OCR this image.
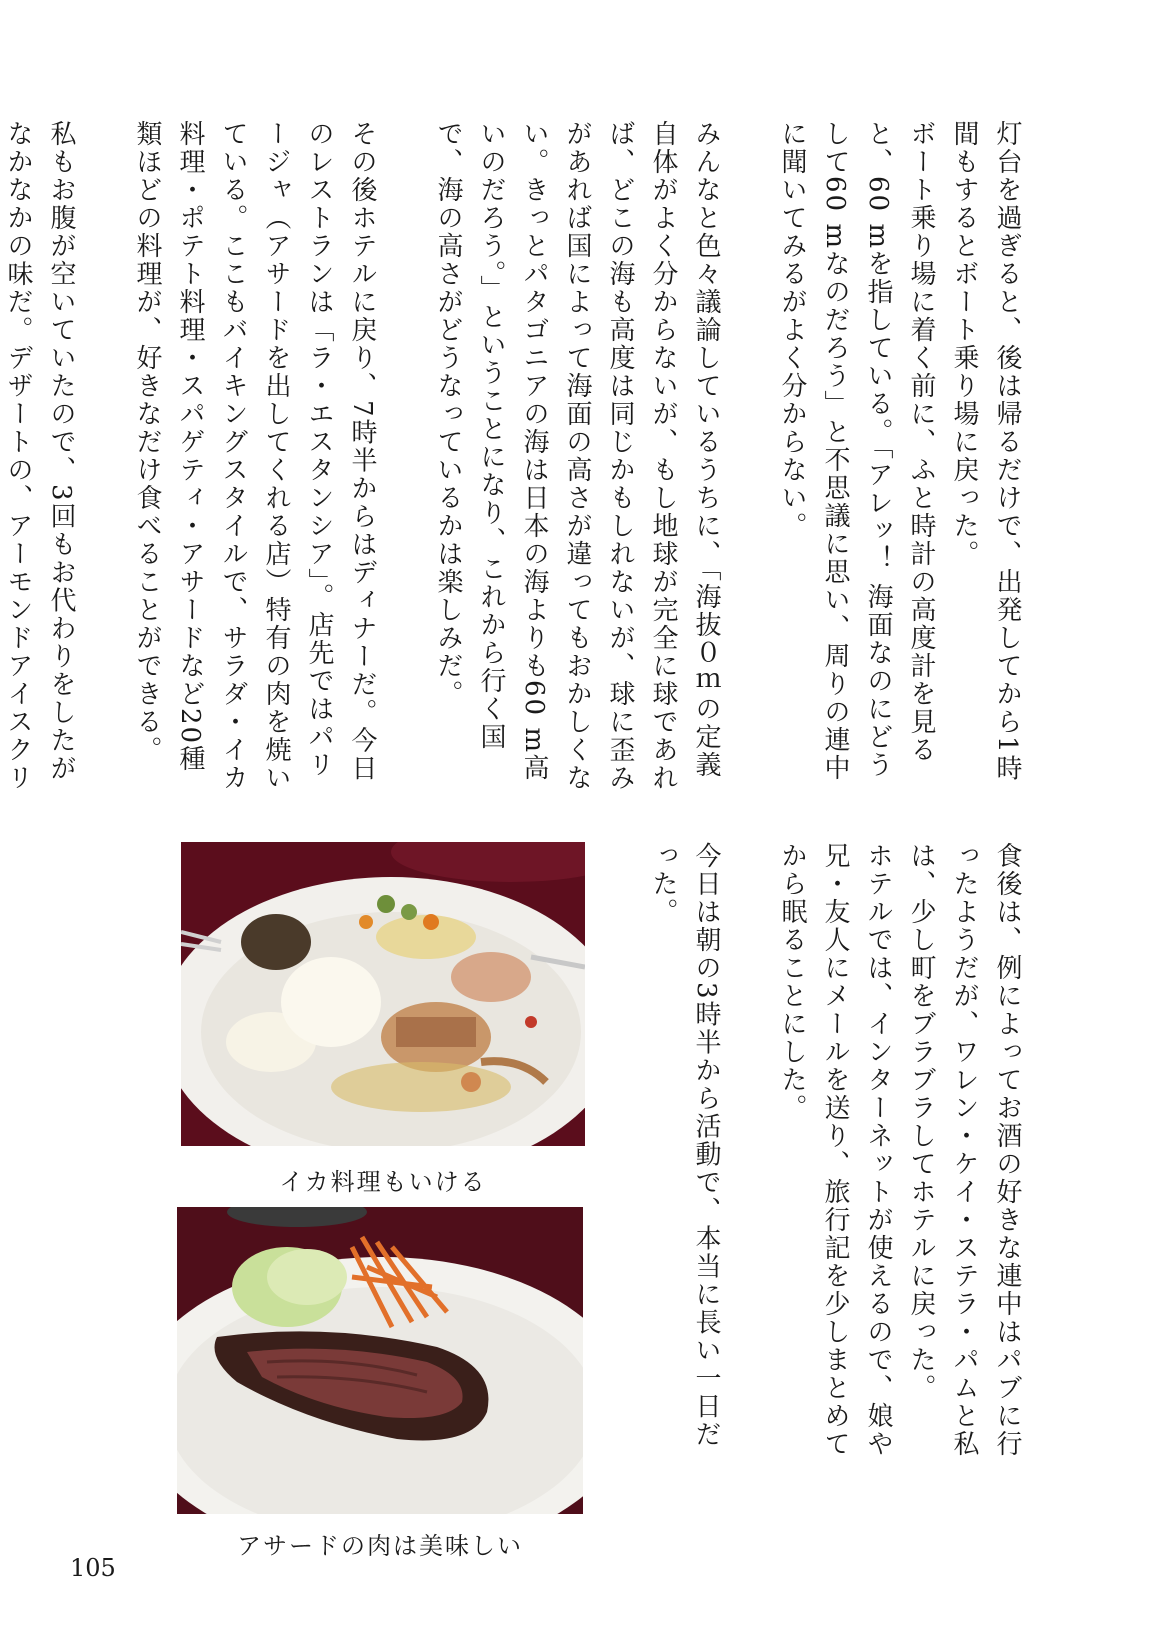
灯台を過ぎると、後は帰るだけで、出発してから1時間もするとボート乗り場に戻った。

ボート乗り場に着く前に、ふと時計の高度計を見ると、60 mを指している。「アレッ！ 海面なのにどうして60 mなのだろう」と不思議に思い、周りの連中に聞いてみるがよく分からない。

みんなと色々議論しているうちに、「海抜０ｍの定義自体がよく分からないが、もし地球が完全に球であれば、どこの海も高度は同じかもしれないが、球に歪みがあれば国によって海面の高さが違ってもおかしくない。きっとパタゴニアの海は日本の海よりも60 m高いのだろう。」ということになり、これから行く国で、海の高さがどうなっているかは楽しみだ。

その後ホテルに戻り、7時半からはディナーだ。今日のレストランは「ラ・エスタンシア」。店先ではパリージャ（アサードを出してくれる店）特有の肉を焼いている。ここもバイキングスタイルで、サラダ・イカ料理・ポテト料理・スパゲティ・アサードなど20種類ほどの料理が、好きなだけ食べることができる。

私もお腹が空いていたので、3回もお代わりをしたがなかなかの味だ。デザートの、アーモンドアイスクリ

食後は、例によってお酒の好きな連中はパブに行ったようだが、ワレン・ケイ・ステラ・パムと私は、少し町をブラブラしてホテルに戻った。

ホテルでは、インターネットが使えるので、娘や兄・友人にメールを送り、旅行記を少しまとめてから眠ることにした。

今日は朝の3時半から活動で、本当に長い一日だった。

イカ料理もいける
アサードの肉は美味しい
105
